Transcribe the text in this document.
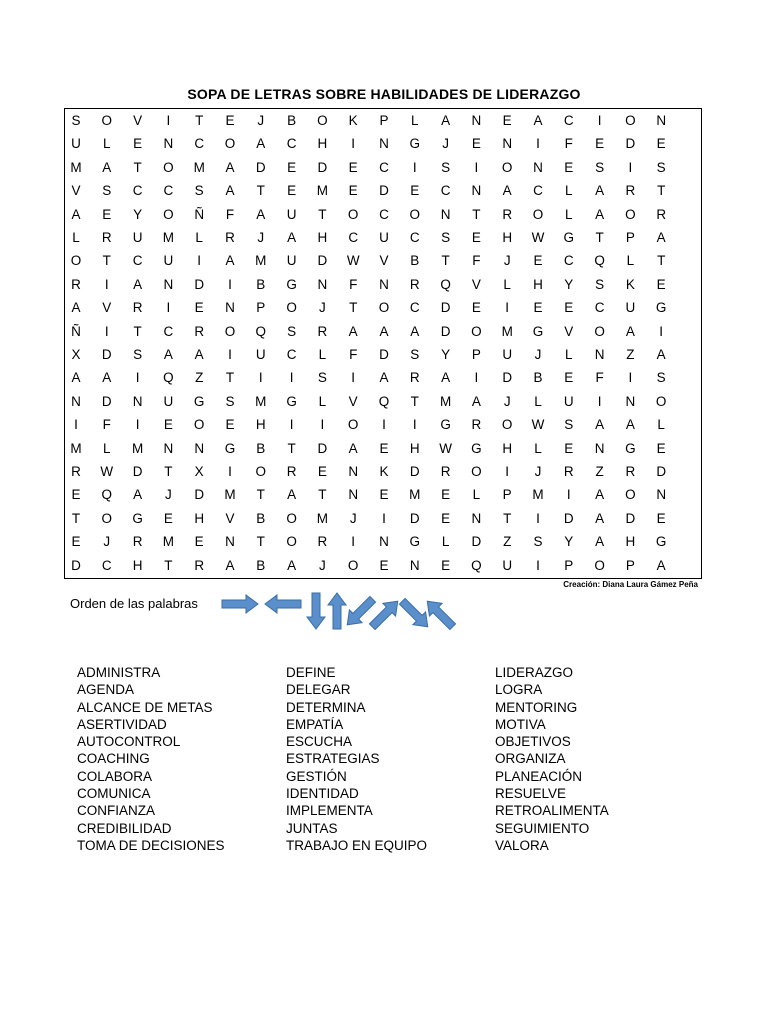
SOPA DE LETRAS SOBRE HABILIDADES DE LIDERAZGO
S	O	V	I	T	E	J	B	O	K	P	L	A	N	E	A	C	I	O	N
U	L	E	N	C	O	A	C	H	I	N	G	J	E	N	I	F	E	D	E
M	A	T	O	M	A	D	E	D	E	C	I	S	I	O	N	E	S	I	S
V	S	C	C	S	A	T	E	M	E	D	E	C	N	A	C	L	A	R	T
A	E	Y	O	Ñ	F	A	U	T	O	C	O	N	T	R	O	L	A	O	R
L	R	U	M	L	R	J	A	H	C	U	C	S	E	H	W	G	T	P	A
O	T	C	U	I	A	M	U	D	W	V	B	T	F	J	E	C	Q	L	T
R	I	A	N	D	I	B	G	N	F	N	R	Q	V	L	H	Y	S	K	E
A	V	R	I	E	N	P	O	J	T	O	C	D	E	I	E	E	C	U	G
Ñ	I	T	C	R	O	Q	S	R	A	A	A	D	O	M	G	V	O	A	I
X	D	S	A	A	I	U	C	L	F	D	S	Y	P	U	J	L	N	Z	A
A	A	I	Q	Z	T	I	I	S	I	A	R	A	I	D	B	E	F	I	S
N	D	N	U	G	S	M	G	L	V	Q	T	M	A	J	L	U	I	N	O
I	F	I	E	O	E	H	I	I	O	I	I	G	R	O	W	S	A	A	L
M	L	M	N	N	G	B	T	D	A	E	H	W	G	H	L	E	N	G	E
R	W	D	T	X	I	O	R	E	N	K	D	R	O	I	J	R	Z	R	D
E	Q	A	J	D	M	T	A	T	N	E	M	E	L	P	M	I	A	O	N
T	O	G	E	H	V	B	O	M	J	I	D	E	N	T	I	D	A	D	E
E	J	R	M	E	N	T	O	R	I	N	G	L	D	Z	S	Y	A	H	G
D	C	H	T	R	A	B	A	J	O	E	N	E	Q	U	I	P	O	P	A
Creación: Diana Laura Gámez Peña
Orden de las palabras
ADMINISTRA
AGENDA
ALCANCE DE METAS
ASERTIVIDAD
AUTOCONTROL
COACHING
COLABORA
COMUNICA
CONFIANZA
CREDIBILIDAD
TOMA DE DECISIONES
DEFINE
DELEGAR
DETERMINA
EMPATÍA
ESCUCHA
ESTRATEGIAS
GESTIÓN
IDENTIDAD
IMPLEMENTA
JUNTAS
TRABAJO EN EQUIPO
LIDERAZGO
LOGRA
MENTORING
MOTIVA
OBJETIVOS
ORGANIZA
PLANEACIÓN
RESUELVE
RETROALIMENTA
SEGUIMIENTO
VALORA
